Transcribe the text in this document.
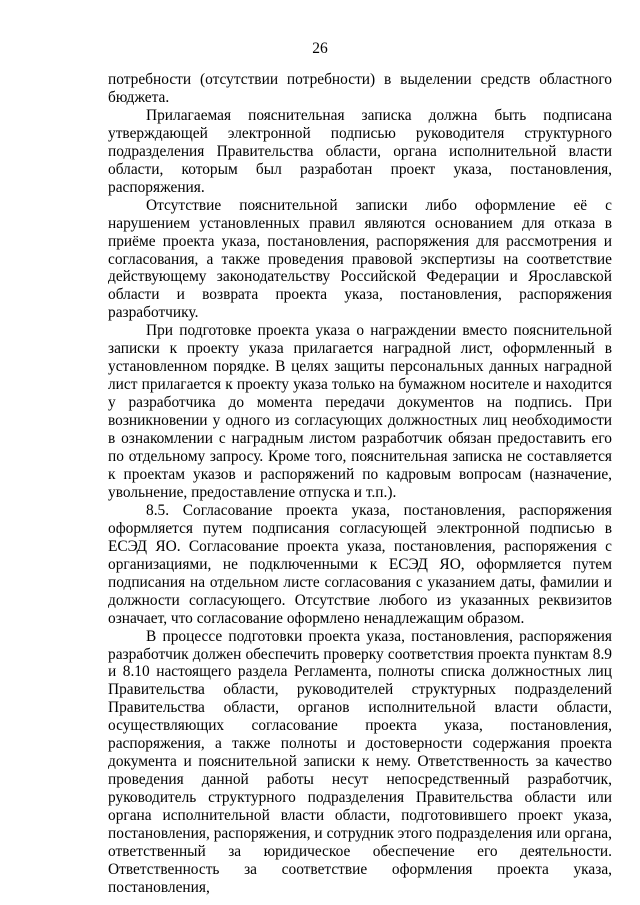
26

потребности (отсутствии потребности) в выделении средств областного бюджета.

Прилагаемая пояснительная записка должна быть подписана утверждающей электронной подписью руководителя структурного подразделения Правительства области, органа исполнительной власти области, которым был разработан проект указа, постановления, распоряжения.

Отсутствие пояснительной записки либо оформление её с нарушением установленных правил являются основанием для отказа в приёме проекта указа, постановления, распоряжения для рассмотрения и согласования, а также проведения правовой экспертизы на соответствие действующему законодательству Российской Федерации и Ярославской области и возврата проекта указа, постановления, распоряжения разработчику.

При подготовке проекта указа о награждении вместо пояснительной записки к проекту указа прилагается наградной лист, оформленный в установленном порядке. В целях защиты персональных данных наградной лист прилагается к проекту указа только на бумажном носителе и находится у разработчика до момента передачи документов на подпись. При возникновении у одного из согласующих должностных лиц необходимости в ознакомлении с наградным листом разработчик обязан предоставить его по отдельному запросу. Кроме того, пояснительная записка не составляется к проектам указов и распоряжений по кадровым вопросам (назначение, увольнение, предоставление отпуска и т.п.).

8.5. Согласование проекта указа, постановления, распоряжения оформляется путем подписания согласующей электронной подписью в ЕСЭД ЯО. Согласование проекта указа, постановления, распоряжения с организациями, не подключенными к ЕСЭД ЯО, оформляется путем подписания на отдельном листе согласования с указанием даты, фамилии и должности согласующего. Отсутствие любого из указанных реквизитов означает, что согласование оформлено ненадлежащим образом.

В процессе подготовки проекта указа, постановления, распоряжения разработчик должен обеспечить проверку соответствия проекта пунктам 8.9 и 8.10 настоящего раздела Регламента, полноты списка должностных лиц Правительства области, руководителей структурных подразделений Правительства области, органов исполнительной власти области, осуществляющих согласование проекта указа, постановления, распоряжения, а также полноты и достоверности содержания проекта документа и пояснительной записки к нему. Ответственность за качество проведения данной работы несут непосредственный разработчик, руководитель структурного подразделения Правительства области или органа исполнительной власти области, подготовившего проект указа, постановления, распоряжения, и сотрудник этого подразделения или органа, ответственный за юридическое обеспечение его деятельности. Ответственность за соответствие оформления проекта указа, постановления,
